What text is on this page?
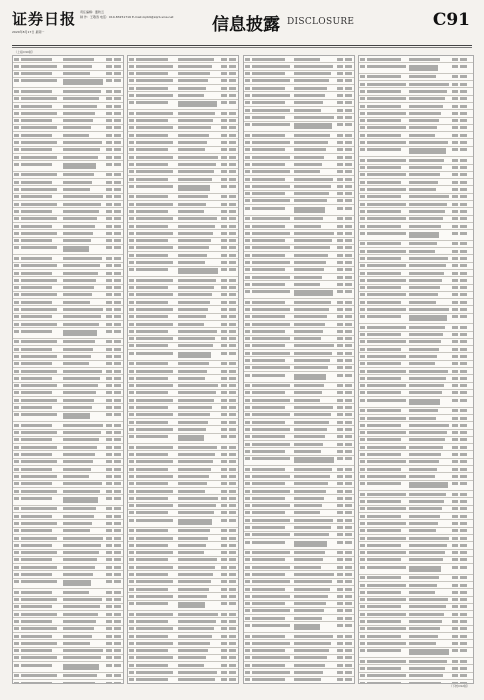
证券日报 责任编辑：董秋云
制 作：王敬涛 电话：010-83251716 E-mail:zqrb9@zqrb.sina.net
2020年8月17日 星期一	信息披露 DISCLOSURE	C91
（上接C90版）
（下转C92版）
